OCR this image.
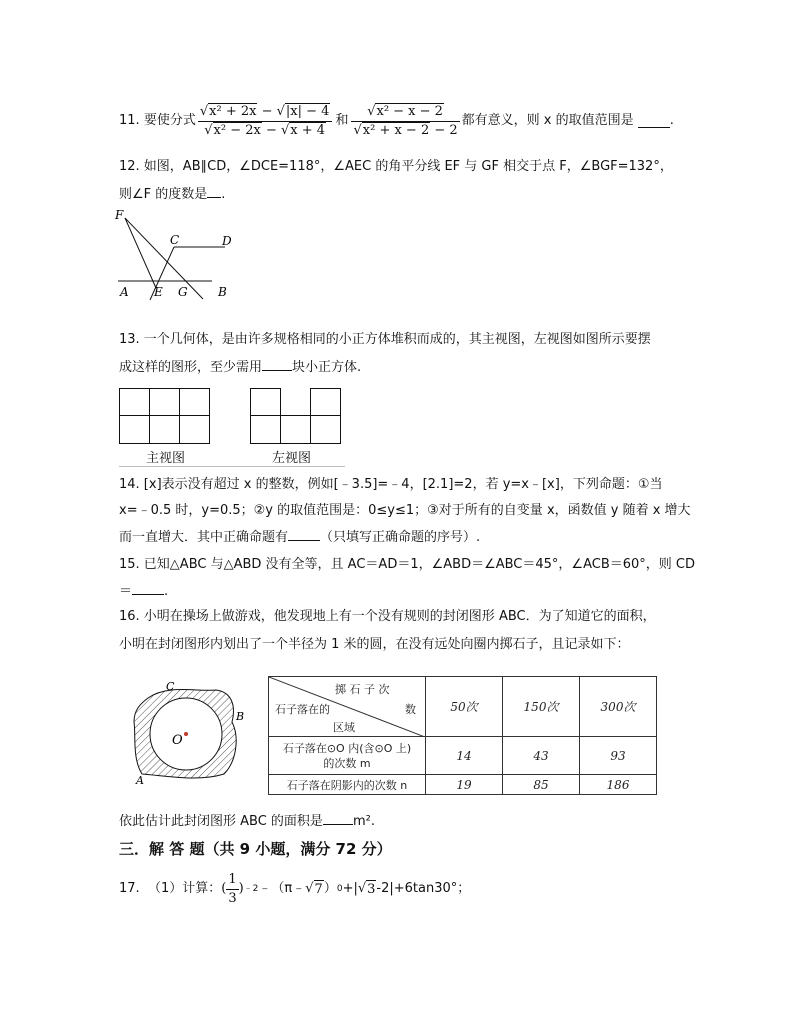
11.
要使分式 $\frac{\text{√x² + 2x − √|x| − 4}}{\text{√x² − 2x − √x + 4}}$ 和 $\frac{\text{√x² − x − 2}}{\text{√x² + x − 2 − 2}}$ 都有意义，则 x 的取值范围是
	.
12. 如图，AB∥CD，∠DCE=118°，∠AEC 的角平分线 EF 与 GF 相交于点 F，∠BGF=132°，
则∠F 的度数是 .
F
C	D
A E G	B
13. 一个几何体，是由许多规格相同的小正方体堆积而成的，其主视图，左视图如图所示要摆
成这样的图形，至少需用 块小正方体.
主视图	左视图
14. [x]表示没有超过 x 的整数，例如[﹣3.5]=﹣4，[2.1]=2，若 y=x﹣[x]，下列命题：①当
x=﹣0.5 时，y=0.5；②y 的取值范围是：0≤y≤1；③对于所有的自变量 x，函数值 y 随着 x 增大
而一直增大．其中正确命题有 （只填写正确命题的序号）.
15. 已知△ABC 与△ABD 没有全等，且 AC＝AD＝1，∠ABD＝∠ABC＝45°，∠ACB＝60°，则 CD
＝ .
16. 小明在操场上做游戏，他发现地上有一个没有规则的封闭图形 ABC．为了知道它的面积，
小明在封闭图形内划出了一个半径为 1 米的圆，在没有远处向圈内掷石子，且记录如下：
O
C
B
A
掷 石 子 次
数
石子落在的
区域	50次	150次	300次

石子落在⊙O 内(含⊙O 上)
的次数 m	14	43	93
石子落在阴影内的次数 n	19	85	186
依此估计此封闭图形 ABC 的面积是 m².
三．解 答 题（共 9 小题，满分 72 分）
17.
（1）计算： ( $\frac{1}{3}$ ) ﹣2 ﹣（π﹣ √ 7 ） 0 +| √ 3 -2|+6tan30°；
